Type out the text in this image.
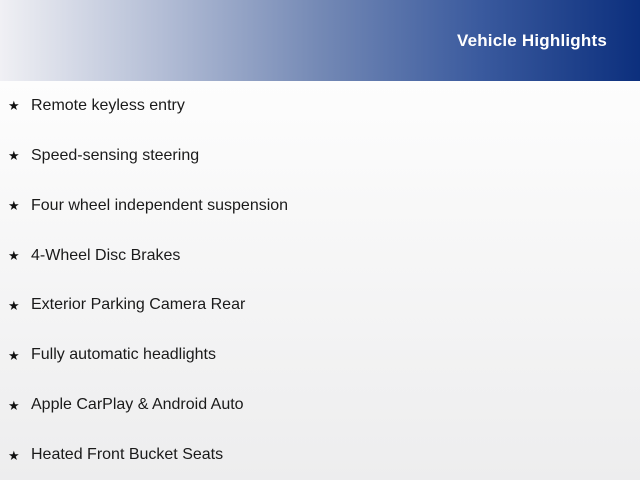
Vehicle Highlights
★ Remote keyless entry
★ Speed-sensing steering
★ Four wheel independent suspension
★ 4-Wheel Disc Brakes
★ Exterior Parking Camera Rear
★ Fully automatic headlights
★ Apple CarPlay & Android Auto
★ Heated Front Bucket Seats
